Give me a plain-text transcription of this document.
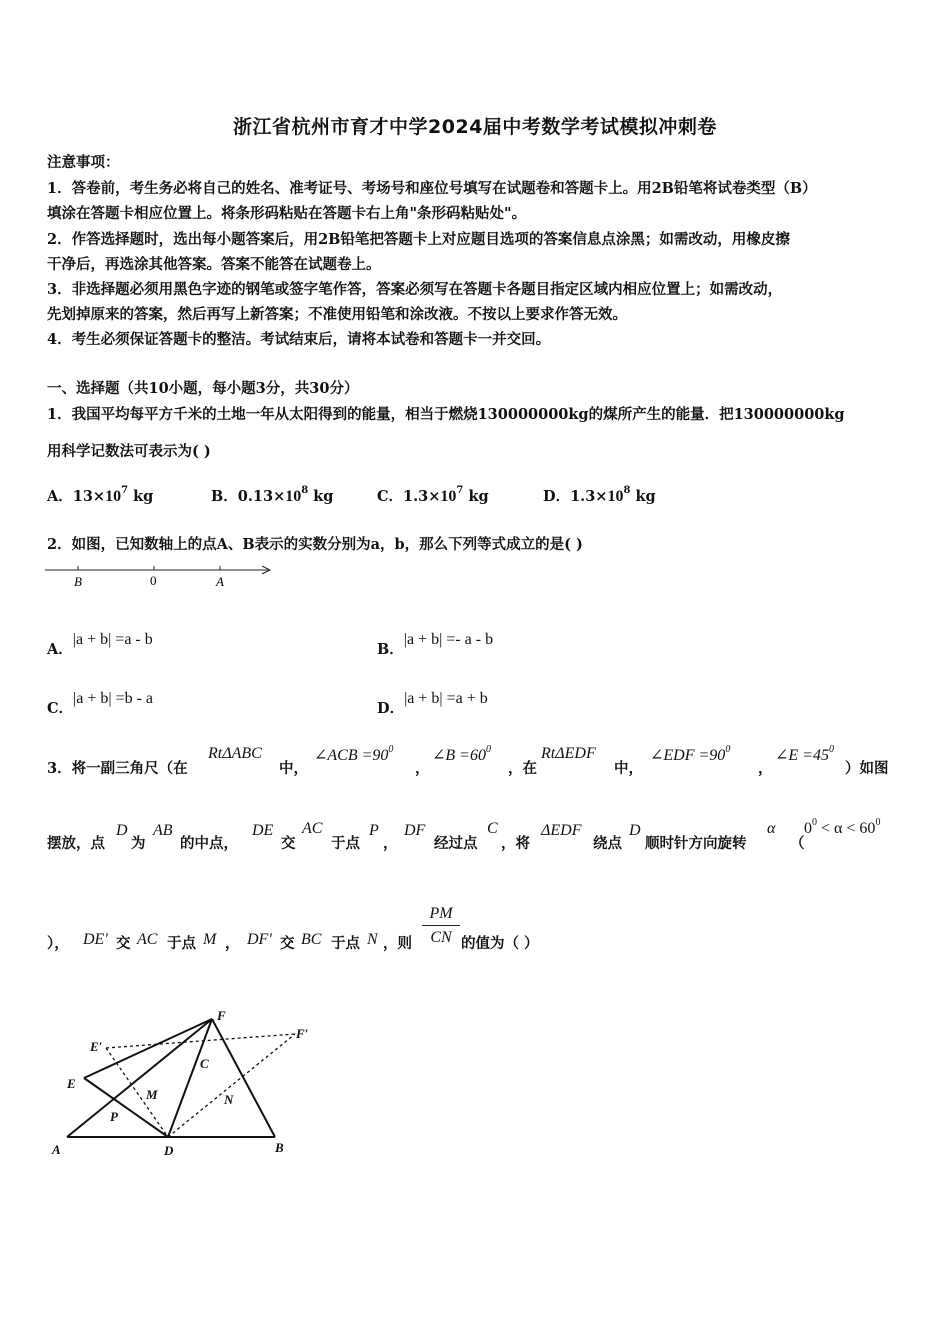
浙江省杭州市育才中学2024届中考数学考试模拟冲刺卷
注意事项：
1．答卷前，考生务必将自己的姓名、准考证号、考场号和座位号填写在试题卷和答题卡上。用2B铅笔将试卷类型（B）
填涂在答题卡相应位置上。将条形码粘贴在答题卡右上角"条形码粘贴处"。
2．作答选择题时，选出每小题答案后，用2B铅笔把答题卡上对应题目选项的答案信息点涂黑；如需改动，用橡皮擦
干净后，再选涂其他答案。答案不能答在试题卷上。
3．非选择题必须用黑色字迹的钢笔或签字笔作答，答案必须写在答题卡各题目指定区域内相应位置上；如需改动，
先划掉原来的答案，然后再写上新答案；不准使用铅笔和涂改液。不按以上要求作答无效。
4．考生必须保证答题卡的整洁。考试结束后，请将本试卷和答题卡一并交回。
一、选择题（共10小题，每小题3分，共30分）
1．我国平均每平方千米的土地一年从太阳得到的能量，相当于燃烧130000000kg的煤所产生的能量．把130000000kg
用科学记数法可表示为( )
A．$13\times 10^7$ kg	B．$0.13\times 10^8$ kg	C．$1.3\times 10^7$ kg	D．$1.3\times 10^8$ kg
2．如图，已知数轴上的点A、B表示的实数分别为a，b，那么下列等式成立的是( )
B	0	A
A．|a + b| =a - b
B．|a + b| =- a - b
C．|a + b| =b - a
D．|a + b| =a + b
3．将一副三角尺（在
RtΔABC
中，
∠ACB $=90^0$
，
∠B $=60^0$
，在
RtΔEDF
中，
∠EDF $=90^0$
，
∠E $=45^0$
）如图
摆放，点
D
为
AB
的中点，
DE
交
AC
于点
P
，
DF
经过点
C
，将
ΔEDF
绕点
D
顺时针方向旋转
α
（
$0^0 < \alpha < 60^0$
）， DE′ 交 AC 于点 M ， DF′ 交 BC 于点 N ，则
PM
CN 的值为（ ）
F
E′
F′
C
E
M
P
N
A	D	B
